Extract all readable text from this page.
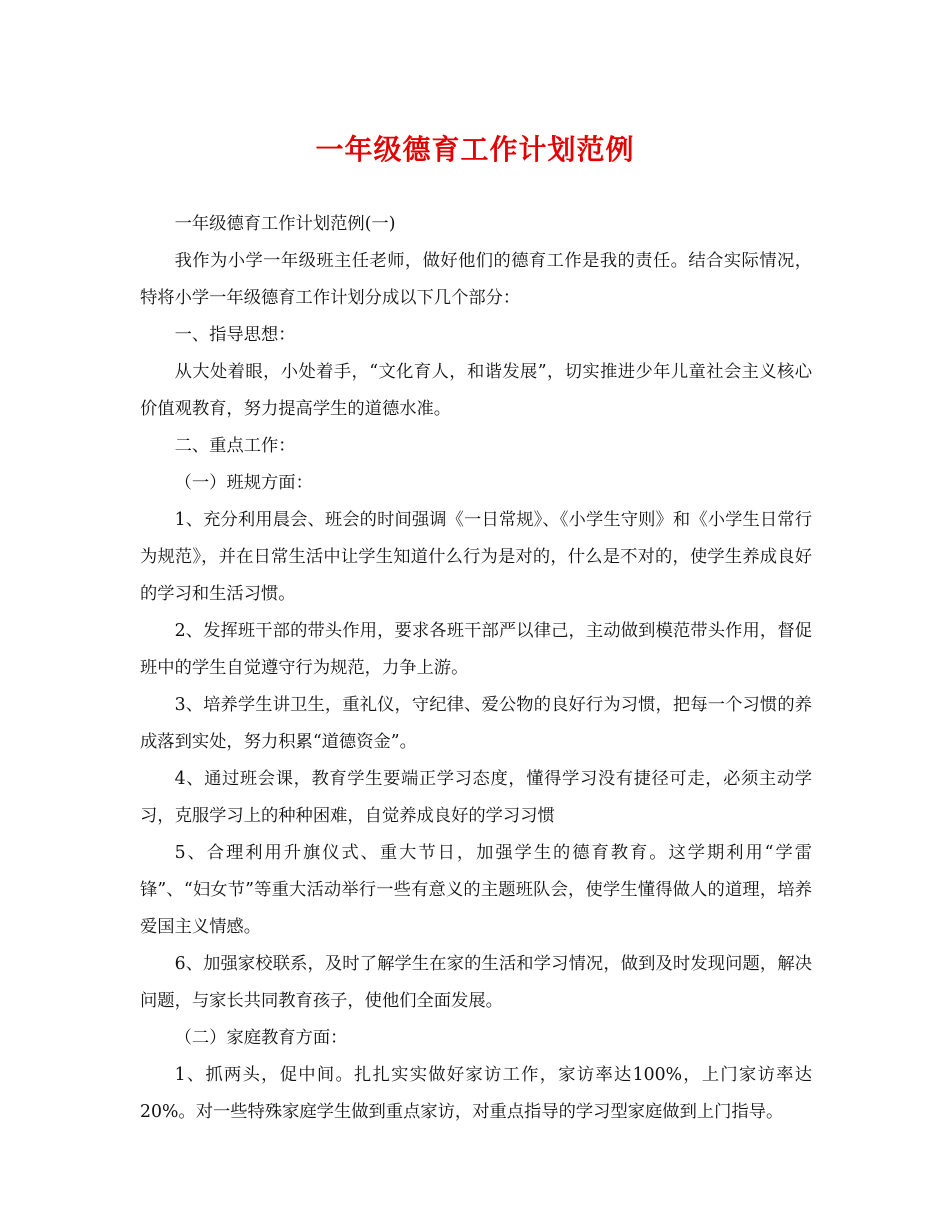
一年级德育工作计划范例

一年级德育工作计划范例(一)

我作为小学一年级班主任老师，做好他们的德育工作是我的责任。结合实际情况，特将小学一年级德育工作计划分成以下几个部分：

一、指导思想：

从大处着眼，小处着手，“文化育人，和谐发展”，切实推进少年儿童社会主义核心价值观教育，努力提高学生的道德水准。

二、重点工作：

（一）班规方面：

1、充分利用晨会、班会的时间强调《一日常规》、《小学生守则》和《小学生日常行为规范》，并在日常生活中让学生知道什么行为是对的，什么是不对的，使学生养成良好的学习和生活习惯。

2、发挥班干部的带头作用，要求各班干部严以律己，主动做到模范带头作用，督促班中的学生自觉遵守行为规范，力争上游。

3、培养学生讲卫生，重礼仪，守纪律、爱公物的良好行为习惯，把每一个习惯的养成落到实处，努力积累“道德资金”。

4、通过班会课，教育学生要端正学习态度，懂得学习没有捷径可走，必须主动学习，克服学习上的种种困难，自觉养成良好的学习习惯

5、合理利用升旗仪式、重大节日，加强学生的德育教育。这学期利用“学雷锋”、“妇女节”等重大活动举行一些有意义的主题班队会，使学生懂得做人的道理，培养爱国主义情感。

6、加强家校联系，及时了解学生在家的生活和学习情况，做到及时发现问题，解决问题，与家长共同教育孩子，使他们全面发展。

（二）家庭教育方面：

1、抓两头，促中间。扎扎实实做好家访工作，家访率达100%，上门家访率达20%。对一些特殊家庭学生做到重点家访，对重点指导的学习型家庭做到上门指导。
